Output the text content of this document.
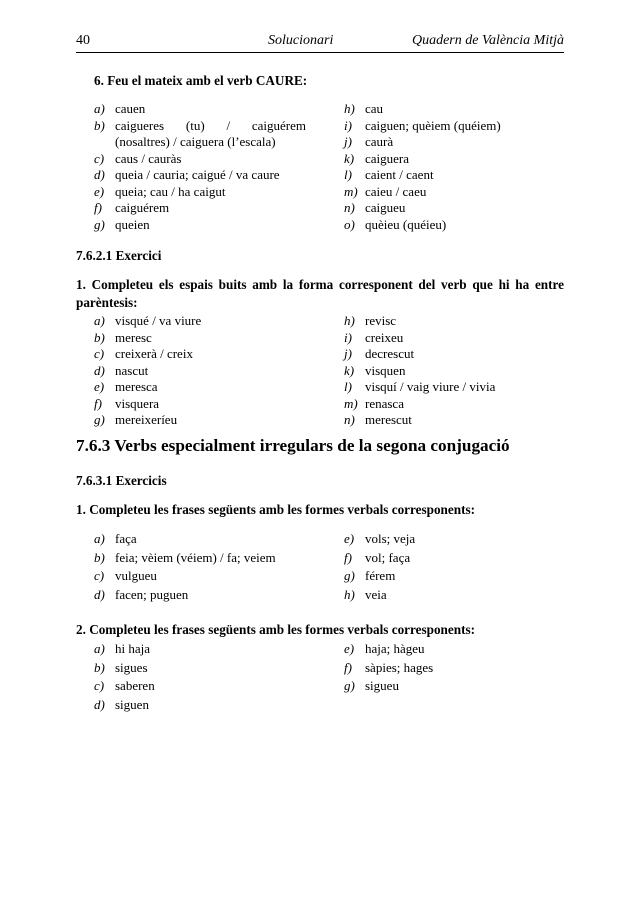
40	Solucionari	Quadern de València Mitjà
6. Feu el mateix amb el verb CAURE:
a) cauen
b) caigueres (tu) / caiguérem
(nosaltres) / caiguera (l’escala)
c) caus / cauràs
d) queia / cauria; caigué / va caure
e) queia; cau / ha caigut
f) caiguérem
g) queien
h) cau
i) caiguen; quèiem (quéiem)
j) caurà
k) caiguera
l) caient / caent
m) caieu / caeu
n) caigueu
o) quèieu (quéieu)
7.6.2.1 Exercici
1. Completeu els espais buits amb la forma corresponent del verb que hi ha entre parèntesis:
a) visqué / va viure
b) meresc
c) creixerà / creix
d) nascut
e) meresca
f) visquera
g) mereixeríeu
h) revisc
i) creixeu
j) decrescut
k) visquen
l) visquí / vaig viure / vivia
m) renasca
n) merescut
7.6.3 Verbs especialment irregulars de la segona conjugació
7.6.3.1 Exercicis
1. Completeu les frases següents amb les formes verbals corresponents:
a) faça
b) feia; vèiem (véiem) / fa; veiem
c) vulgueu
d) facen; puguen
e) vols; veja
f) vol; faça
g) férem
h) veia
2. Completeu les frases següents amb les formes verbals corresponents:
a) hi haja
b) sigues
c) saberen
d) siguen
e) haja; hàgeu
f) sàpies; hages
g) sigueu
